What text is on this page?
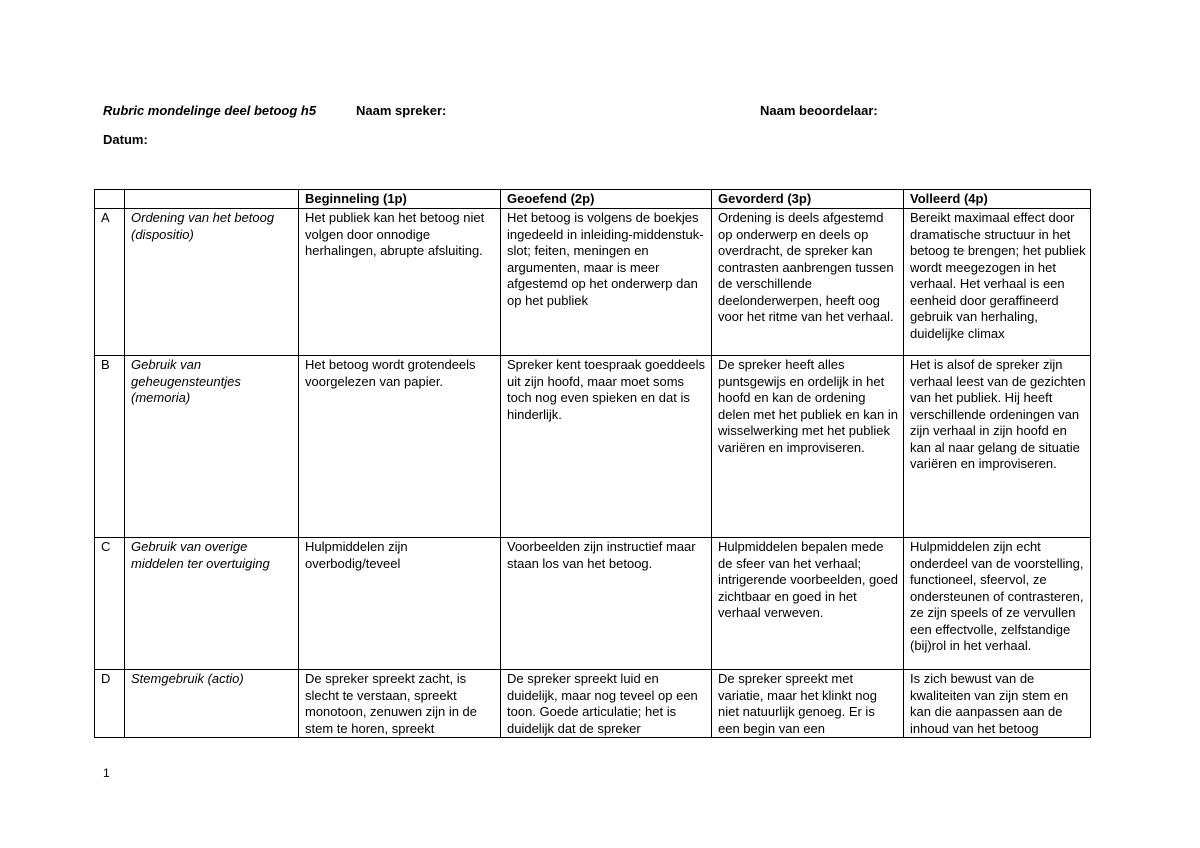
Rubric mondelinge deel betoog h5	Naam spreker:	Naam beoordelaar:
Datum:
		Beginneling (1p)	Geoefend (2p)	Gevorderd (3p)	Volleerd (4p)
A	Ordening van het betoog (dispositio)	Het publiek kan het betoog niet volgen door onnodige herhalingen, abrupte afsluiting.	Het betoog is volgens de boekjes ingedeeld in inleiding-middenstuk-slot; feiten, meningen en argumenten, maar is meer afgestemd op het onderwerp dan op het publiek	Ordening is deels afgestemd op onderwerp en deels op overdracht, de spreker kan contrasten aanbrengen tussen de verschillende deelonderwerpen, heeft oog voor het ritme van het verhaal.	Bereikt maximaal effect door dramatische structuur in het betoog te brengen; het publiek wordt meegezogen in het verhaal. Het verhaal is een eenheid door geraffineerd gebruik van herhaling, duidelijke climax
B	Gebruik van geheugensteuntjes (memoria)	Het betoog wordt grotendeels voorgelezen van papier.	Spreker kent toespraak goeddeels uit zijn hoofd, maar moet soms toch nog even spieken en dat is hinderlijk.	De spreker heeft alles puntsgewijs en ordelijk in het hoofd en kan de ordening delen met het publiek en kan in wisselwerking met het publiek variëren en improviseren.	Het is alsof de spreker zijn verhaal leest van de gezichten van het publiek. Hij heeft verschillende ordeningen van zijn verhaal in zijn hoofd en kan al naar gelang de situatie variëren en improviseren.
C	Gebruik van overige middelen ter overtuiging	Hulpmiddelen zijn overbodig/teveel	Voorbeelden zijn instructief maar staan los van het betoog.	Hulpmiddelen bepalen mede de sfeer van het verhaal; intrigerende voorbeelden, goed zichtbaar en goed in het verhaal verweven.	Hulpmiddelen zijn echt onderdeel van de voorstelling, functioneel, sfeervol, ze ondersteunen of contrasteren, ze zijn speels of ze vervullen een effectvolle, zelfstandige (bij)rol in het verhaal.
D	Stemgebruik (actio)	De spreker spreekt zacht, is slecht te verstaan, spreekt monotoon, zenuwen zijn in de stem te horen, spreekt	De spreker spreekt luid en duidelijk, maar nog teveel op een toon. Goede articulatie; het is duidelijk dat de spreker	De spreker spreekt met variatie, maar het klinkt nog niet natuurlijk genoeg. Er is een begin van een	Is zich bewust van de kwaliteiten van zijn stem en kan die aanpassen aan de inhoud van het betoog
1
